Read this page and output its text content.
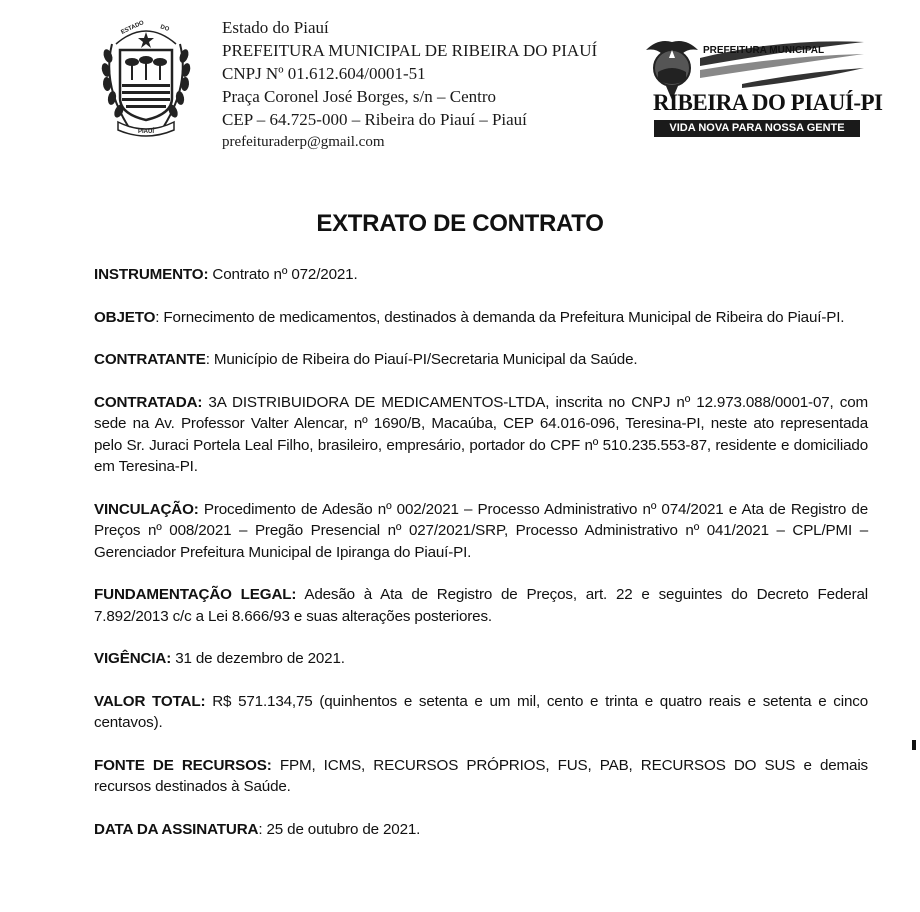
ESTADO DO
PIAUÍ
Estado do Piauí
PREFEITURA MUNICIPAL DE RIBEIRA DO PIAUÍ
CNPJ Nº 01.612.604/0001-51
Praça Coronel José Borges, s/n – Centro
CEP – 64.725-000 – Ribeira do Piauí – Piauí
prefeituraderp@gmail.com
PREFEITURA MUNICIPAL
RIBEIRA DO PIAUÍ-PI
VIDA NOVA PARA NOSSA GENTE
EXTRATO DE CONTRATO

INSTRUMENTO: Contrato nº 072/2021.

OBJETO: Fornecimento de medicamentos, destinados à demanda da Prefeitura Municipal de Ribeira do Piauí-PI.

CONTRATANTE: Município de Ribeira do Piauí-PI/Secretaria Municipal da Saúde.

CONTRATADA: 3A DISTRIBUIDORA DE MEDICAMENTOS-LTDA, inscrita no CNPJ nº 12.973.088/0001-07, com sede na Av. Professor Valter Alencar, nº 1690/B, Macaúba, CEP 64.016-096, Teresina-PI, neste ato representada pelo Sr. Juraci Portela Leal Filho, brasileiro, empresário, portador do CPF nº 510.235.553-87, residente e domiciliado em Teresina-PI.

VINCULAÇÃO: Procedimento de Adesão nº 002/2021 – Processo Administrativo nº 074/2021 e Ata de Registro de Preços nº 008/2021 – Pregão Presencial nº 027/2021/SRP, Processo Administrativo nº 041/2021 – CPL/PMI – Gerenciador Prefeitura Municipal de Ipiranga do Piauí-PI.

FUNDAMENTAÇÃO LEGAL: Adesão à Ata de Registro de Preços, art. 22 e seguintes do Decreto Federal 7.892/2013 c/c a Lei 8.666/93 e suas alterações posteriores.

VIGÊNCIA: 31 de dezembro de 2021.

VALOR TOTAL: R$ 571.134,75 (quinhentos e setenta e um mil, cento e trinta e quatro reais e setenta e cinco centavos).

FONTE DE RECURSOS: FPM, ICMS, RECURSOS PRÓPRIOS, FUS, PAB, RECURSOS DO SUS e demais recursos destinados à Saúde.

DATA DA ASSINATURA: 25 de outubro de 2021.
